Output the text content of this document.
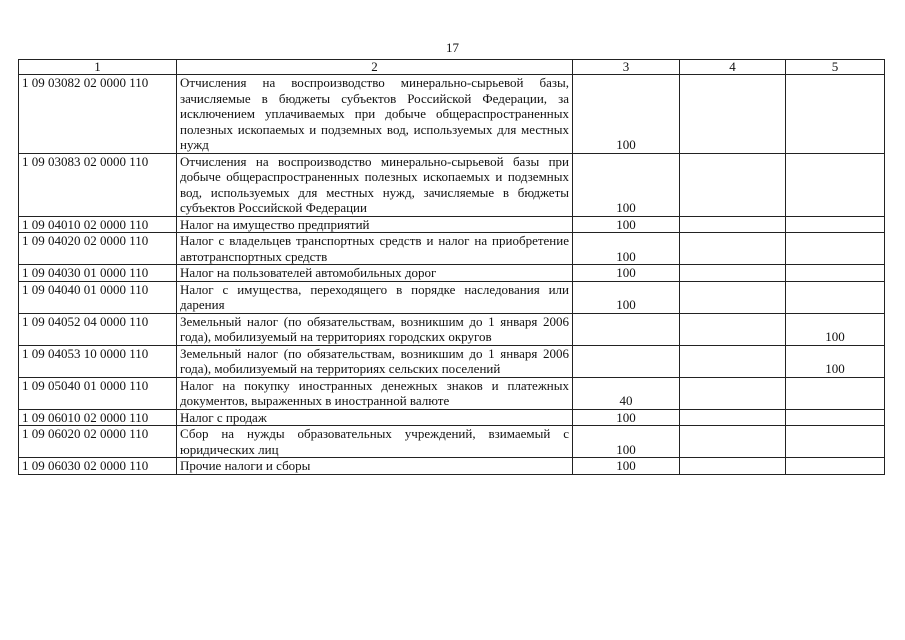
17
1	2	3	4	5
1 09 03082 02 0000 110	Отчисления на воспроизводство минерально-сырьевой базы, зачисляемые в бюджеты субъектов Российской Федерации, за исключением уплачиваемых при добыче общераспространенных полезных ископаемых и подземных вод, используемых для местных нужд	100		
1 09 03083 02 0000 110	Отчисления на воспроизводство минерально-сырьевой базы при добыче общераспространенных полезных ископаемых и подземных вод, используемых для местных нужд, зачисляемые в бюджеты субъектов Российской Федерации	100		
1 09 04010 02 0000 110	Налог на имущество предприятий	100		
1 09 04020 02 0000 110	Налог с владельцев транспортных средств и налог на приобретение автотранспортных средств	100		
1 09 04030 01 0000 110	Налог на пользователей автомобильных дорог	100		
1 09 04040 01 0000 110	Налог с имущества, переходящего в порядке наследования или дарения	100		
1 09 04052 04 0000 110	Земельный налог (по обязательствам, возникшим до 1 января 2006 года), мобилизуемый на территориях городских округов			100
1 09 04053 10 0000 110	Земельный налог (по обязательствам, возникшим до 1 января 2006 года), мобилизуемый на территориях сельских поселений			100
1 09 05040 01 0000 110	Налог на покупку иностранных денежных знаков и платежных документов, выраженных в иностранной валюте	40		
1 09 06010 02 0000 110	Налог с продаж	100		
1 09 06020 02 0000 110	Сбор на нужды образовательных учреждений, взимаемый с юридических лиц	100		
1 09 06030 02 0000 110	Прочие налоги и сборы	100		
